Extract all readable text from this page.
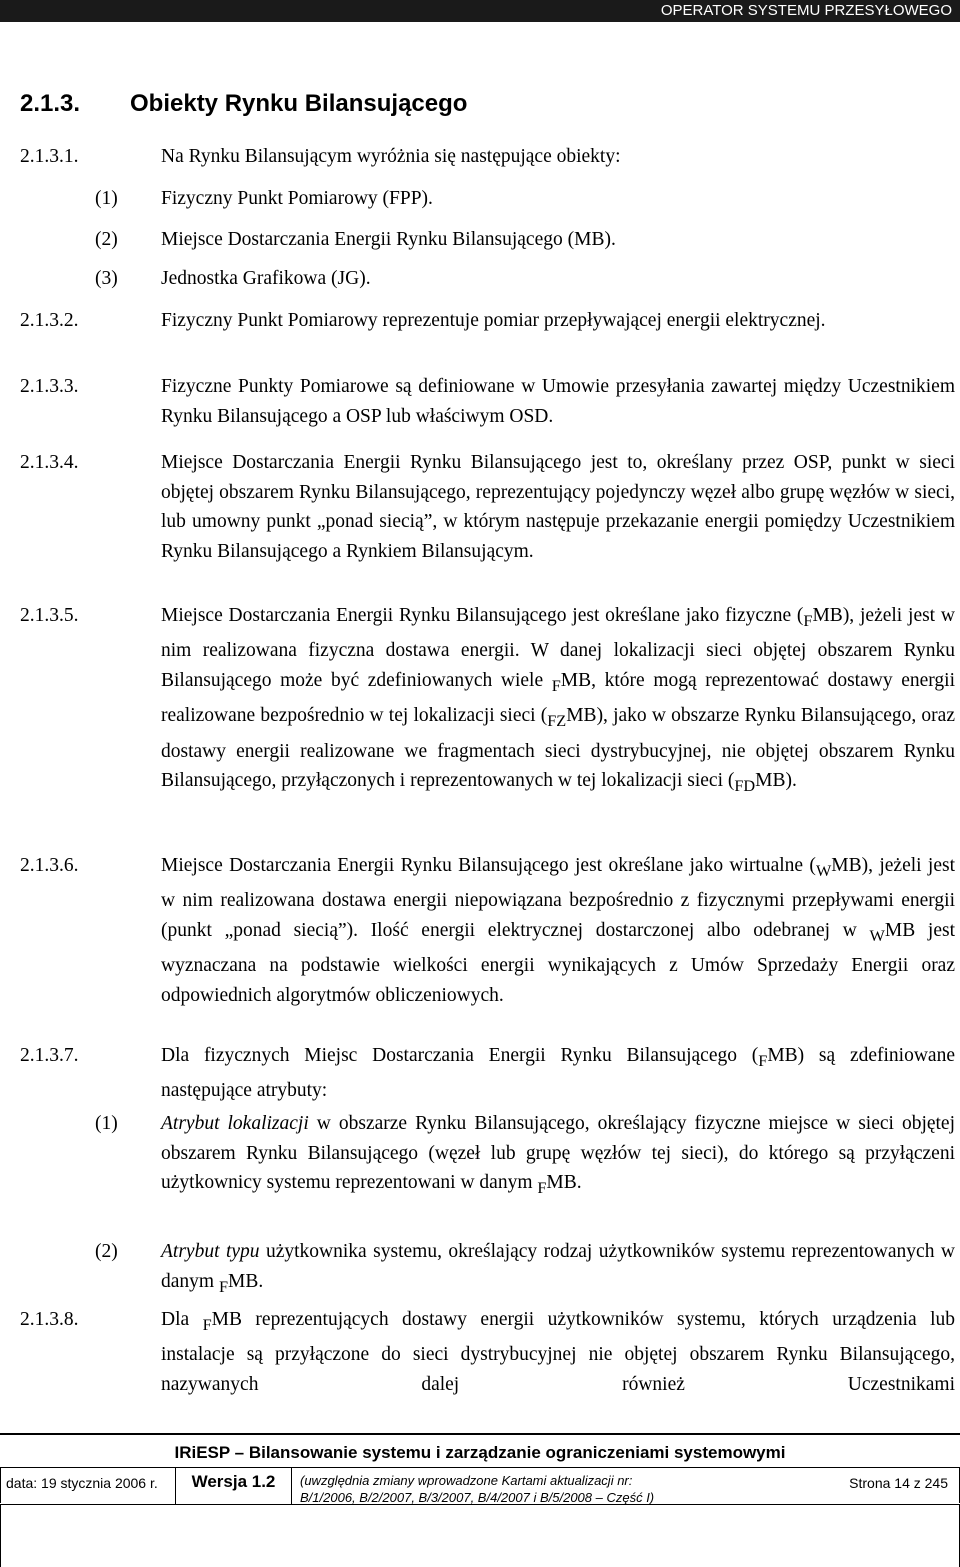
OPERATOR SYSTEMU PRZESYŁOWEGO
2.1.3. Obiekty Rynku Bilansującego
2.1.3.1.	Na Rynku Bilansującym wyróżnia się następujące obiekty:
(1) Fizyczny Punkt Pomiarowy (FPP).
(2) Miejsce Dostarczania Energii Rynku Bilansującego (MB).
(3) Jednostka Grafikowa (JG).
2.1.3.2.	Fizyczny Punkt Pomiarowy reprezentuje pomiar przepływającej energii elektrycznej.
2.1.3.3.	Fizyczne Punkty Pomiarowe są definiowane w Umowie przesyłania zawartej między Uczestnikiem Rynku Bilansującego a OSP lub właściwym OSD.
2.1.3.4.	Miejsce Dostarczania Energii Rynku Bilansującego jest to, określany przez OSP, punkt w sieci objętej obszarem Rynku Bilansującego, reprezentujący pojedynczy węzeł albo grupę węzłów w sieci, lub umowny punkt „ponad siecią”, w którym następuje przekazanie energii pomiędzy Uczestnikiem Rynku Bilansującego a Rynkiem Bilansującym.
2.1.3.5.	Miejsce Dostarczania Energii Rynku Bilansującego jest określane jako fizyczne $(_FMB)$, jeżeli jest w nim realizowana fizyczna dostawa energii. W danej lokalizacji sieci objętej obszarem Rynku Bilansującego może być zdefiniowanych wiele $_F$MB, które mogą reprezentować dostawy energii realizowane bezpośrednio w tej lokalizacji sieci $(_{FZ}MB)$, jako w obszarze Rynku Bilansującego, oraz dostawy energii realizowane we fragmentach sieci dystrybucyjnej, nie objętej obszarem Rynku Bilansującego, przyłączonych i reprezentowanych w tej lokalizacji sieci $(_{FD}MB)$.
2.1.3.6.	Miejsce Dostarczania Energii Rynku Bilansującego jest określane jako wirtualne $(_WMB)$, jeżeli jest w nim realizowana dostawa energii niepowiązana bezpośrednio z fizycznymi przepływami energii (punkt „ponad siecią”). Ilość energii elektrycznej dostarczonej albo odebranej w $_W$MB jest wyznaczana na podstawie wielkości energii wynikających z Umów Sprzedaży Energii oraz odpowiednich algorytmów obliczeniowych.
2.1.3.7.	Dla fizycznych Miejsc Dostarczania Energii Rynku Bilansującego $(_FMB)$ są zdefiniowane następujące atrybuty:
(1) Atrybut lokalizacji w obszarze Rynku Bilansującego, określający fizyczne miejsce w sieci objętej obszarem Rynku Bilansującego (węzeł lub grupę węzłów tej sieci), do którego są przyłączeni użytkownicy systemu reprezentowani w danym $_F$MB.
(2) Atrybut typu użytkownika systemu, określający rodzaj użytkowników systemu reprezentowanych w danym $_F$MB.
2.1.3.8.	Dla $_F$MB reprezentujących dostawy energii użytkowników systemu, których urządzenia lub instalacje są przyłączone do sieci dystrybucyjnej nie objętej obszarem Rynku Bilansującego, nazywanych dalej również Uczestnikami
IRiESP – Bilansowanie systemu i zarządzanie ograniczeniami systemowymi
data: 19 stycznia 2006 r.	Wersja 1.2	(uwzględnia zmiany wprowadzone Kartami aktualizacji nr:
B/1/2006, B/2/2007, B/3/2007, B/4/2007 i B/5/2008 – Część I)
Strona 14 z 245
